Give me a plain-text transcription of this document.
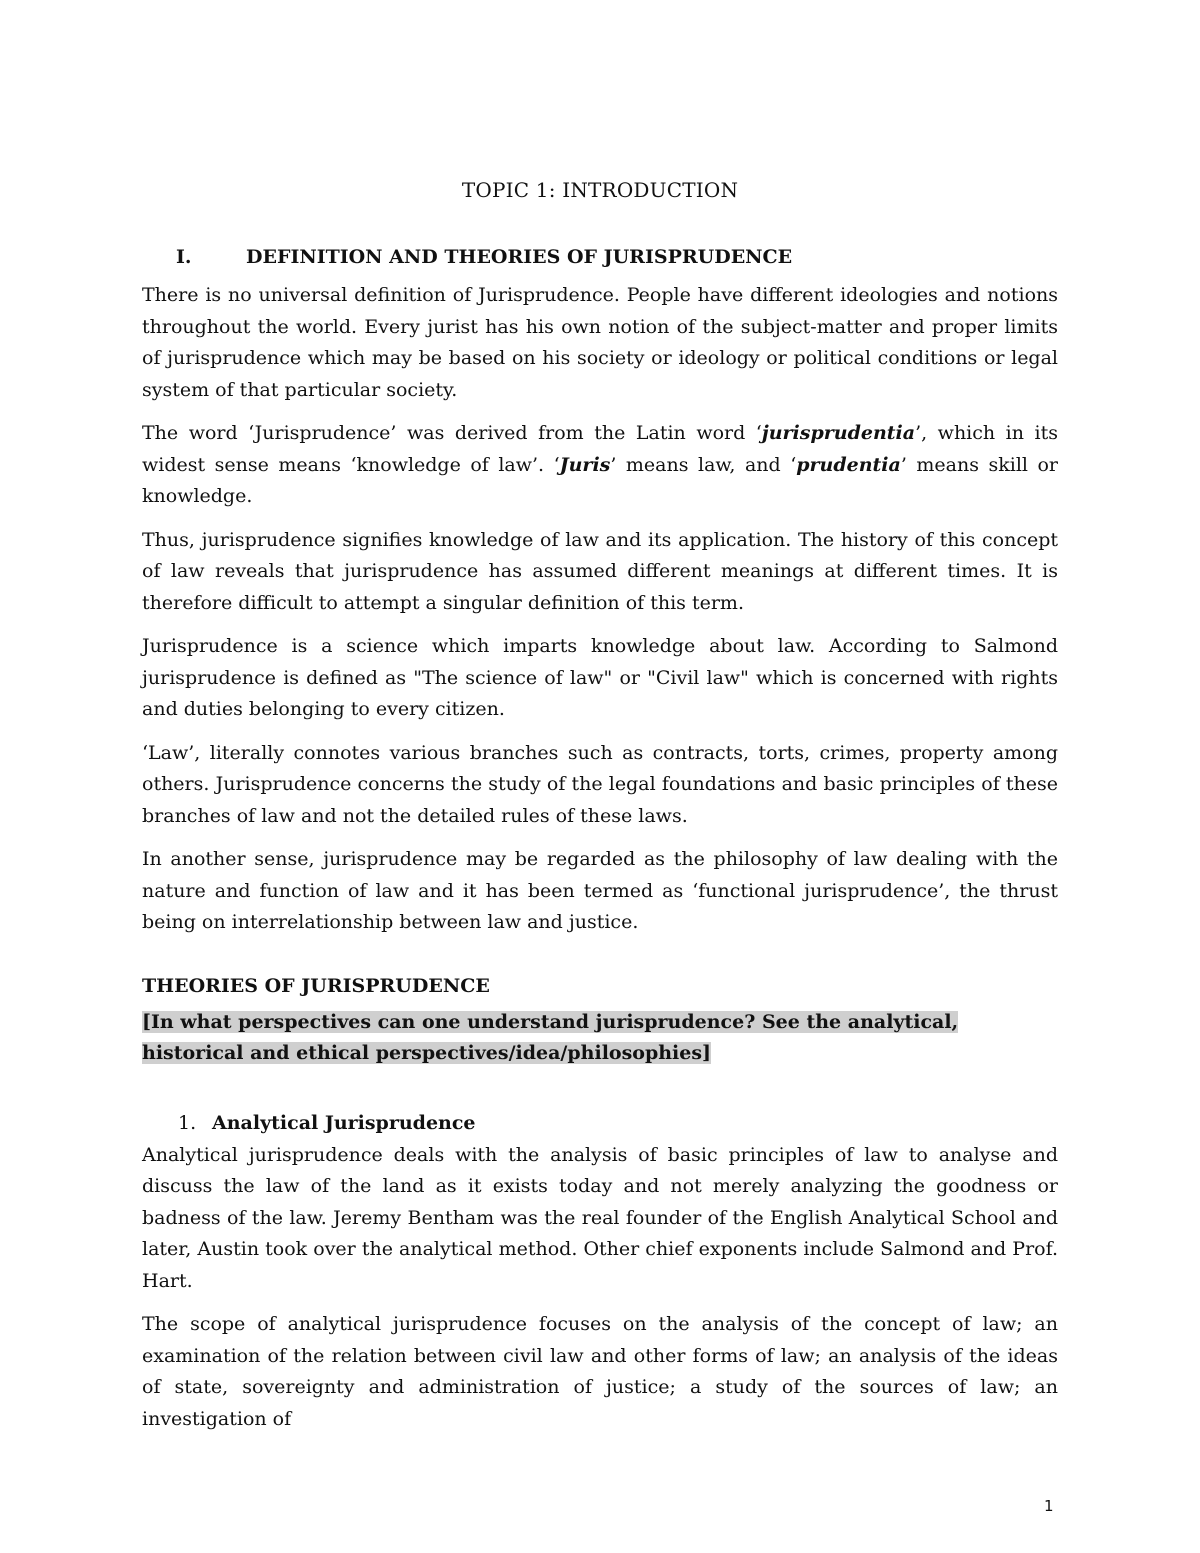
TOPIC 1: INTRODUCTION
I.	DEFINITION AND THEORIES OF JURISPRUDENCE

There is no universal definition of Jurisprudence. People have different ideologies and notions throughout the world. Every jurist has his own notion of the subject-matter and proper limits of jurisprudence which may be based on his society or ideology or political conditions or legal system of that particular society.

The word ‘Jurisprudence’ was derived from the Latin word ‘jurisprudentia’, which in its widest sense means ‘knowledge of law’. ‘Juris’ means law, and ‘prudentia’ means skill or knowledge.

Thus, jurisprudence signifies knowledge of law and its application. The history of this concept of law reveals that jurisprudence has assumed different meanings at different times. It is therefore difficult to attempt a singular definition of this term.

Jurisprudence is a science which imparts knowledge about law. According to Salmond jurisprudence is defined as "The science of law" or "Civil law" which is concerned with rights and duties belonging to every citizen.

‘Law’, literally connotes various branches such as contracts, torts, crimes, property among others. Jurisprudence concerns the study of the legal foundations and basic principles of these branches of law and not the detailed rules of these laws.

In another sense, jurisprudence may be regarded as the philosophy of law dealing with the nature and function of law and it has been termed as ‘functional jurisprudence’, the thrust being on interrelationship between law and justice.

THEORIES OF JURISPRUDENCE
[In what perspectives can one understand jurisprudence? See the analytical, historical and ethical perspectives/idea/philosophies]
1. Analytical Jurisprudence

Analytical jurisprudence deals with the analysis of basic principles of law to analyse and discuss the law of the land as it exists today and not merely analyzing the goodness or badness of the law. Jeremy Bentham was the real founder of the English Analytical School and later, Austin took over the analytical method. Other chief exponents include Salmond and Prof. Hart.

The scope of analytical jurisprudence focuses on the analysis of the concept of law; an examination of the relation between civil law and other forms of law; an analysis of the ideas of state, sovereignty and administration of justice; a study of the sources of law; an investigation of

1
